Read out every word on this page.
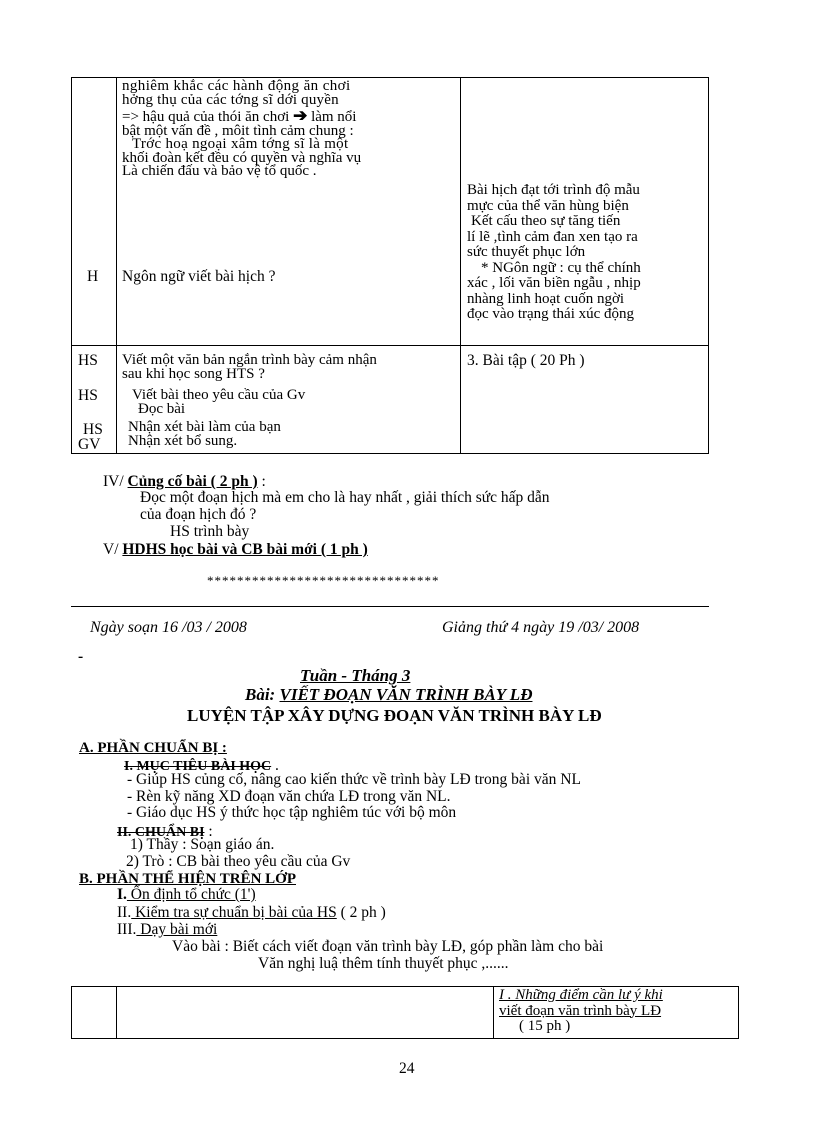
nghiêm khắc các hành động ăn chơi
hởng thụ của các tớng sĩ dới quyền
=> hậu quả của thói ăn chơi ➔ làm nổi
bật một vấn đề , môit tình cảm chung :
Trớc hoạ ngoại xâm tớng sĩ là một
khối đoàn kết đều có quyền và nghĩa vụ
Là chiến đấu và bảo vệ tổ quốc .
Bài hịch đạt tới trình độ mẫu
mực của thể văn hùng biện
Kết cấu theo sự tăng tiến
lí lẽ ,tình cảm đan xen tạo ra
sức thuyết phục lớn
* NGôn ngữ : cụ thể chính
xác , lối văn biền ngẫu , nhịp
nhàng linh hoạt cuốn ngời
đọc vào trạng thái xúc động
H Ngôn ngữ viết bài hịch ?
HS
HS
HS
GV
Viết một văn bản ngắn trình bày cảm nhận
sau khi học song HTS ?
Viết bài theo yêu cầu của Gv
Đọc bài
Nhận xét bài làm của bạn
Nhận xét bổ sung.
3. Bài tập ( 20 Ph )
IV/ Củng cố bài ( 2 ph ) :
Đọc một đoạn hịch mà em cho là hay nhất , giải thích sức hấp dẫn
của đoạn hịch đó ?
HS trình bày
V/ HDHS học bài và CB bài mới ( 1 ph )
*******************************
Ngày soạn 16 /03 / 2008	Giảng thứ 4 ngày 19 /03/ 2008
-
Tuần - Tháng 3
Bài: VIẾT ĐOẠN VĂN TRÌNH BÀY LĐ
LUYỆN TẬP XÂY DỰNG ĐOẠN VĂN TRÌNH BÀY LĐ
A. PHẦN CHUẨN BỊ :
I. MỤC TIÊU BÀI HỌC .
- Giúp HS củng cố, nâng cao kiến thức về trình bày LĐ trong bài văn NL
- Rèn kỹ năng XD đoạn văn chứa LĐ trong văn NL.
- Giáo dục HS ý thức học tập nghiêm túc với bộ môn
II. CHUẨN BỊ :
1) Thầy : Soạn giáo án.
2) Trò : CB bài theo yêu cầu của Gv
B. PHẦN THỂ HIỆN TRÊN LỚP
I. Ổn định tổ chức (1')
II. Kiểm tra sự chuẩn bị bài của HS ( 2 ph )
III. Dạy bài mới
Vào bài : Biết cách viết đoạn văn trình bày LĐ, góp phần làm cho bài
Văn nghị luậ thêm tính thuyết phục ,......
I . Những điểm cần lư ý khi
viết đoạn văn trình bày LĐ
( 15 ph )
24
